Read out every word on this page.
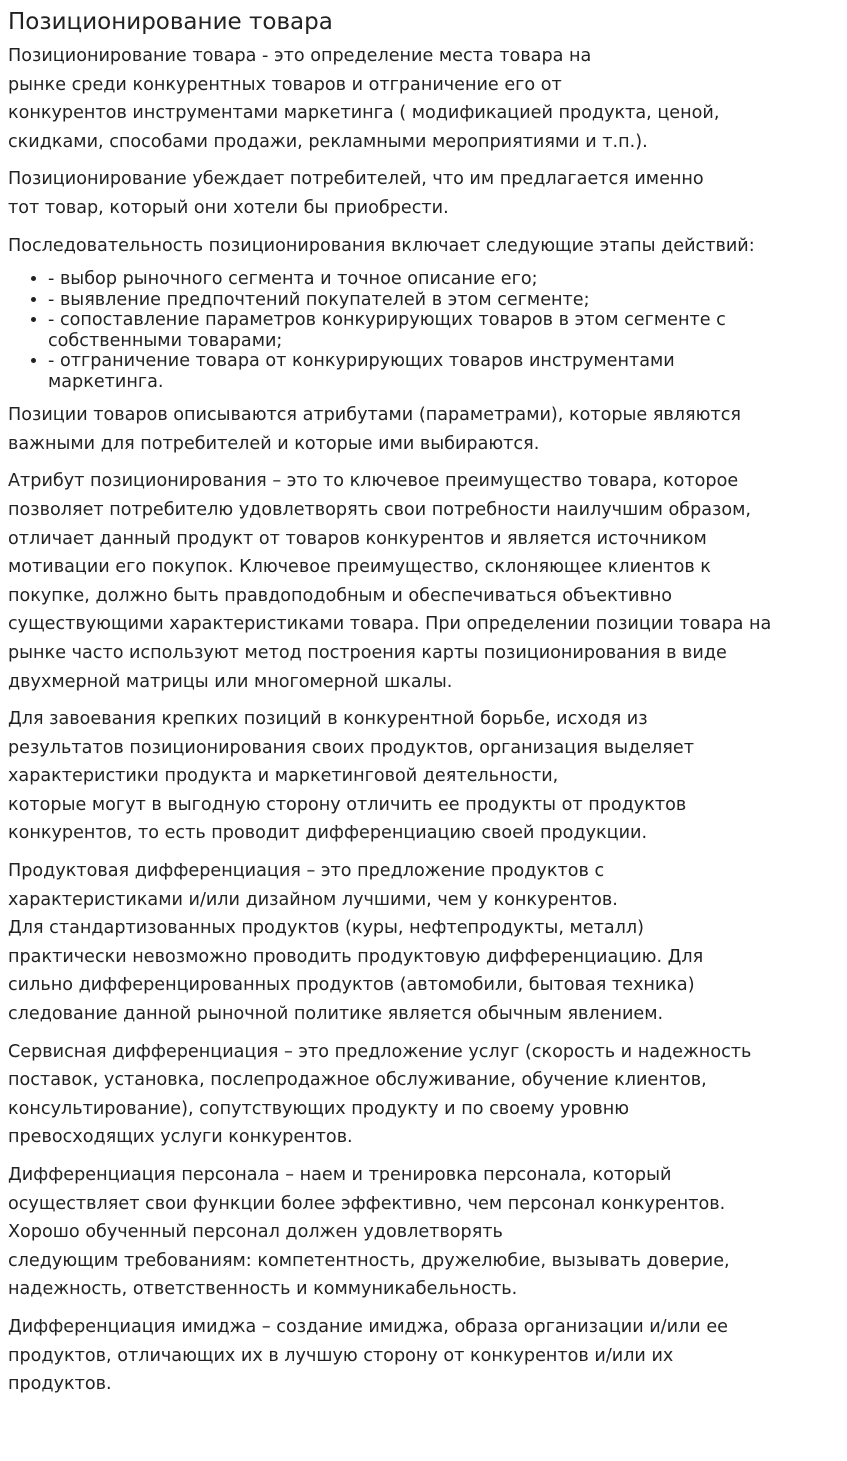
Позиционирование товара

Позиционирование товара - это определение места товара на
рынке среди конкурентных товаров и отграничение его от
конкурентов инструментами маркетинга ( модификацией продукта, ценой,
скидками, способами продажи, рекламными мероприятиями и т.п.).

Позиционирование убеждает потребителей, что им предлагается именно
тот товар, который они хотели бы приобрести.

Последовательность позиционирования включает следующие этапы действий:

• - выбор рыночного сегмента и точное описание его;
• - выявление предпочтений покупателей в этом сегменте;
• - сопоставление параметров конкурирующих товаров в этом сегменте с
собственными товарами;
• - отграничение товара от конкурирующих товаров инструментами
маркетинга.

Позиции товаров описываются атрибутами (параметрами), которые являются
важными для потребителей и которые ими выбираются.

Атрибут позиционирования – это то ключевое преимущество товара, которое
позволяет потребителю удовлетворять свои потребности наилучшим образом,
отличает данный продукт от товаров конкурентов и является источником
мотивации его покупок. Ключевое преимущество, склоняющее клиентов к
покупке, должно быть правдоподобным и обеспечиваться объективно
существующими характеристиками товара. При определении позиции товара на
рынке часто используют метод построения карты позиционирования в виде
двухмерной матрицы или многомерной шкалы.

Для завоевания крепких позиций в конкурентной борьбе, исходя из
результатов позиционирования своих продуктов, организация выделяет
характеристики продукта и маркетинговой деятельности,
которые могут в выгодную сторону отличить ее продукты от продуктов
конкурентов, то есть проводит дифференциацию своей продукции.

Продуктовая дифференциация – это предложение продуктов с
характеристиками и/или дизайном лучшими, чем у конкурентов.
Для стандартизованных продуктов (куры, нефтепродукты, металл)
практически невозможно проводить продуктовую дифференциацию. Для
сильно дифференцированных продуктов (автомобили, бытовая техника)
следование данной рыночной политике является обычным явлением.

Сервисная дифференциация – это предложение услуг (скорость и надежность
поставок, установка, послепродажное обслуживание, обучение клиентов,
консультирование), сопутствующих продукту и по своему уровню
превосходящих услуги конкурентов.

Дифференциация персонала – наем и тренировка персонала, который
осуществляет свои функции более эффективно, чем персонал конкурентов.
Хорошо обученный персонал должен удовлетворять
следующим требованиям: компетентность, дружелюбие, вызывать доверие,
надежность, ответственность и коммуникабельность.

Дифференциация имиджа – создание имиджа, образа организации и/или ее
продуктов, отличающих их в лучшую сторону от конкурентов и/или их
продуктов.
